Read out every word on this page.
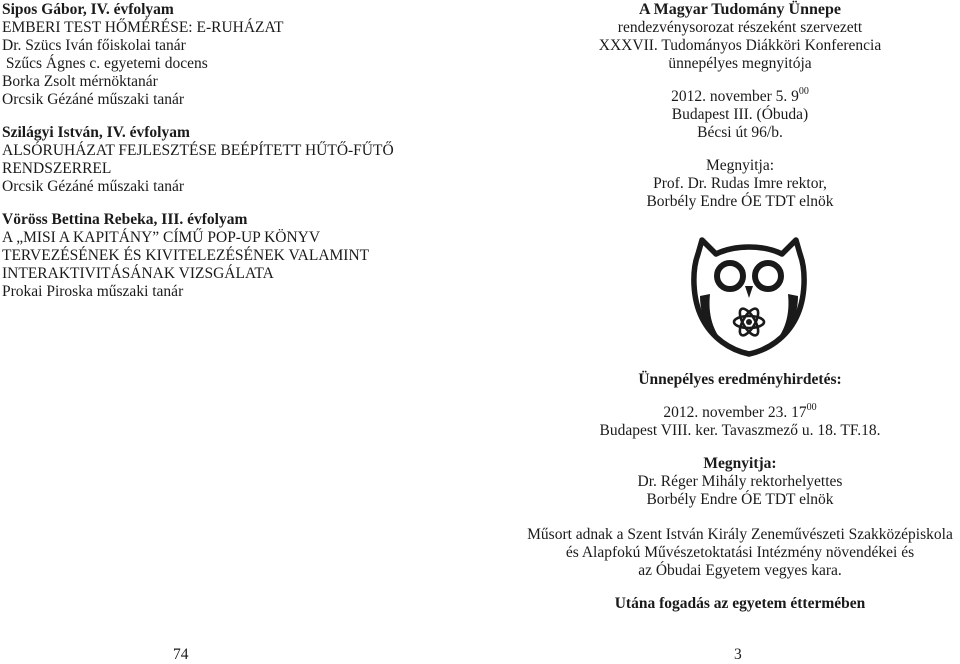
Sipos Gábor, IV. évfolyam
EMBERI TEST HŐMÉRÉSE: E-RUHÁZAT
Dr. Szücs Iván főiskolai tanár
Szűcs Ágnes c. egyetemi docens
Borka Zsolt mérnöktanár
Orcsik Gézáné műszaki tanár
Szilágyi István, IV. évfolyam
ALSÓRUHÁZAT FEJLESZTÉSE BEÉPÍTETT HŰTŐ-FŰTŐ
RENDSZERREL
Orcsik Gézáné műszaki tanár
Vöröss Bettina Rebeka, III. évfolyam
A „MISI A KAPITÁNY” CÍMŰ POP-UP KÖNYV
TERVEZÉSÉNEK ÉS KIVITELEZÉSÉNEK VALAMINT
INTERAKTIVITÁSÁNAK VIZSGÁLATA
Prokai Piroska műszaki tanár
A Magyar Tudomány Ünnepe
rendezvénysorozat részeként szervezett
XXXVII. Tudományos Diákköri Konferencia
ünnepélyes megnyitója
2012. november 5. $9^{00}$
Budapest III. (Óbuda)
Bécsi út 96/b.
Megnyitja:
Prof. Dr. Rudas Imre rektor,
Borbély Endre ÓE TDT elnök
Ünnepélyes eredményhirdetés:
2012. november 23. $17^{00}$
Budapest VIII. ker. Tavaszmező u. 18. TF.18.
Megnyitja:
Dr. Réger Mihály rektorhelyettes
Borbély Endre ÓE TDT elnök
Műsort adnak a Szent István Király Zeneművészeti Szakközépiskola
és Alapfokú Művészetoktatási Intézmény növendékei és
az Óbudai Egyetem vegyes kara.
Utána fogadás az egyetem éttermében
74	3
